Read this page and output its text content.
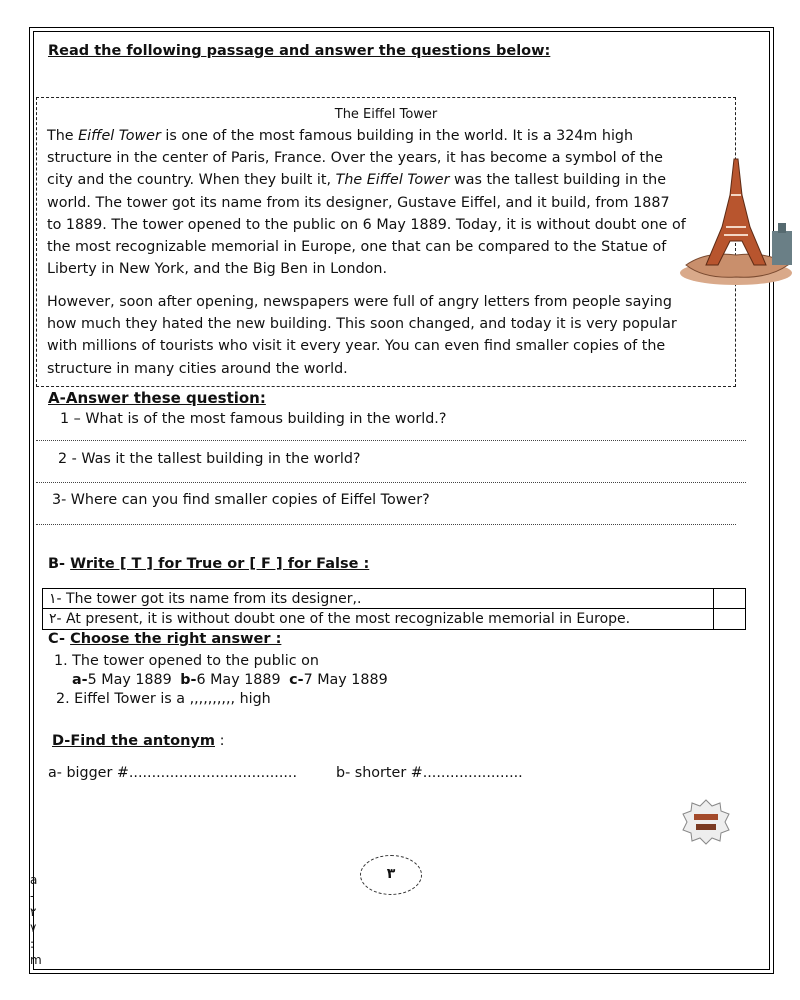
Read the following passage and answer the questions below:
The Eiffel Tower
The Eiffel Tower is one of the most famous building in the world. It is a 324m high
structure in the center of Paris, France. Over the years, it has become a symbol of the
city and the country. When they built it, The Eiffel Tower was the tallest building in the
world. The tower got its name from its designer, Gustave Eiffel, and it build, from 1887
to 1889. The tower opened to the public on 6 May 1889. Today, it is without doubt one of
the most recognizable memorial in Europe, one that can be compared to the Statue of
Liberty in New York, and the Big Ben in London.
However, soon after opening, newspapers were full of angry letters from people saying
how much they hated the new building. This soon changed, and today it is very popular
with millions of tourists who visit it every year. You can even find smaller copies of the
structure in many cities around the world.
A-Answer these question:
1 – What is of the most famous building in the world.?
2 - Was it the tallest building in the world?
3- Where can you find smaller copies of Eiffel Tower?
B- Write [ T ] for True or [ F ] for False :
١- The tower got its name from its designer,.
٢- At present, it is without doubt one of the most recognizable memorial in Europe.
C- Choose the right answer :
1. The tower opened to the public on
a-5 May 1889 b-6 May 1889 c-7 May 1889
2. Eiffel Tower is a ,,,,,,,,,, high
D-Find the antonym :
a- bigger #.....................................	b- shorter #......................
٣
a
-
٢
٧
:
m
